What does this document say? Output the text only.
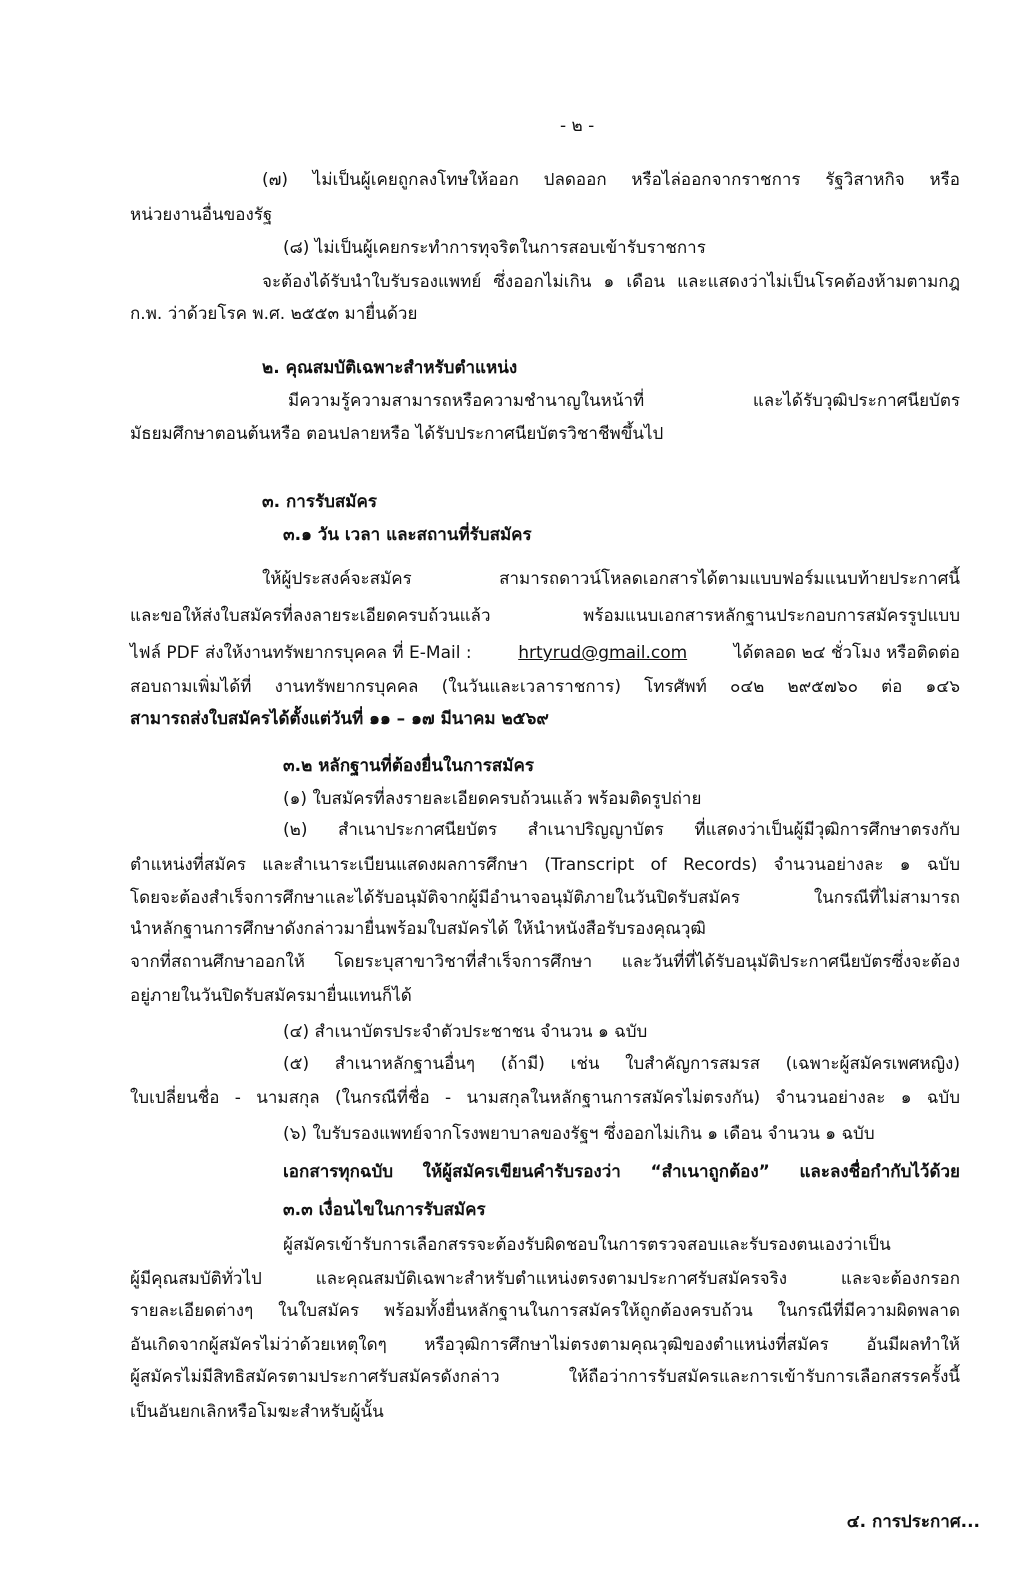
- ๒ -
(๗) ไม่เป็นผู้เคยถูกลงโทษให้ออก ปลดออก หรือไล่ออกจากราชการ รัฐวิสาหกิจ หรือ
หน่วยงานอื่นของรัฐ
(๘) ไม่เป็นผู้เคยกระทำการทุจริตในการสอบเข้ารับราชการ
จะต้องได้รับนำใบรับรองแพทย์ ซึ่งออกไม่เกิน ๑ เดือน และแสดงว่าไม่เป็นโรคต้องห้ามตามกฎ
ก.พ. ว่าด้วยโรค พ.ศ. ๒๕๕๓ มายื่นด้วย
๒. คุณสมบัติเฉพาะสำหรับตำแหน่ง
มีความรู้ความสามารถหรือความชำนาญในหน้าที่ และได้รับวุฒิประกาศนียบัตร
มัธยมศึกษาตอนต้นหรือ ตอนปลายหรือ ได้รับประกาศนียบัตรวิชาชีพขึ้นไป
๓. การรับสมัคร
๓.๑ วัน เวลา และสถานที่รับสมัคร
ให้ผู้ประสงค์จะสมัคร สามารถดาวน์โหลดเอกสารได้ตามแบบฟอร์มแนบท้ายประกาศนี้
และขอให้ส่งใบสมัครที่ลงลายระเอียดครบถ้วนแล้ว พร้อมแนบเอกสารหลักฐานประกอบการสมัครรูปแบบ
ไฟล์ PDF ส่งให้งานทรัพยากรบุคคล ที่ E-Mail :	hrtyrud@gmail.com	ได้ตลอด ๒๔ ชั่วโมง หรือติดต่อ
สอบถามเพิ่มได้ที่ งานทรัพยากรบุคคล (ในวันและเวลาราชการ) โทรศัพท์ ๐๔๒ ๒๙๕๗๖๐ ต่อ ๑๔๖
สามารถส่งใบสมัครได้ตั้งแต่วันที่ ๑๑ – ๑๗ มีนาคม ๒๕๖๙
๓.๒ หลักฐานที่ต้องยื่นในการสมัคร
(๑) ใบสมัครที่ลงรายละเอียดครบถ้วนแล้ว พร้อมติดรูปถ่าย
(๒) สำเนาประกาศนียบัตร สำเนาปริญญาบัตร ที่แสดงว่าเป็นผู้มีวุฒิการศึกษาตรงกับ
ตำแหน่งที่สมัคร และสำเนาระเบียนแสดงผลการศึกษา (Transcript of Records) จำนวนอย่างละ ๑ ฉบับ
โดยจะต้องสำเร็จการศึกษาและได้รับอนุมัติจากผู้มีอำนาจอนุมัติภายในวันปิดรับสมัคร ในกรณีที่ไม่สามารถ
นำหลักฐานการศึกษาดังกล่าวมายื่นพร้อมใบสมัครได้ ให้นำหนังสือรับรองคุณวุฒิ
จากที่สถานศึกษาออกให้ โดยระบุสาขาวิชาที่สำเร็จการศึกษา และวันที่ที่ได้รับอนุมัติประกาศนียบัตรซึ่งจะต้อง
อยู่ภายในวันปิดรับสมัครมายื่นแทนก็ได้
(๔) สำเนาบัตรประจำตัวประชาชน จำนวน ๑ ฉบับ
(๕) สำเนาหลักฐานอื่นๆ (ถ้ามี) เช่น ใบสำคัญการสมรส (เฉพาะผู้สมัครเพศหญิง)
ใบเปลี่ยนชื่อ - นามสกุล (ในกรณีที่ชื่อ - นามสกุลในหลักฐานการสมัครไม่ตรงกัน) จำนวนอย่างละ ๑ ฉบับ
(๖) ใบรับรองแพทย์จากโรงพยาบาลของรัฐฯ ซึ่งออกไม่เกิน ๑ เดือน จำนวน ๑ ฉบับ
เอกสารทุกฉบับ ให้ผู้สมัครเขียนคำรับรองว่า “สำเนาถูกต้อง” และลงชื่อกำกับไว้ด้วย
๓.๓ เงื่อนไขในการรับสมัคร
ผู้สมัครเข้ารับการเลือกสรรจะต้องรับผิดชอบในการตรวจสอบและรับรองตนเองว่าเป็น
ผู้มีคุณสมบัติทั่วไป และคุณสมบัติเฉพาะสำหรับตำแหน่งตรงตามประกาศรับสมัครจริง และจะต้องกรอก
รายละเอียดต่างๆ ในใบสมัคร พร้อมทั้งยื่นหลักฐานในการสมัครให้ถูกต้องครบถ้วน ในกรณีที่มีความผิดพลาด
อันเกิดจากผู้สมัครไม่ว่าด้วยเหตุใดๆ หรือวุฒิการศึกษาไม่ตรงตามคุณวุฒิของตำแหน่งที่สมัคร อันมีผลทำให้
ผู้สมัครไม่มีสิทธิสมัครตามประกาศรับสมัครดังกล่าว ให้ถือว่าการรับสมัครและการเข้ารับการเลือกสรรครั้งนี้
เป็นอันยกเลิกหรือโมฆะสำหรับผู้นั้น
๔. การประกาศ...
